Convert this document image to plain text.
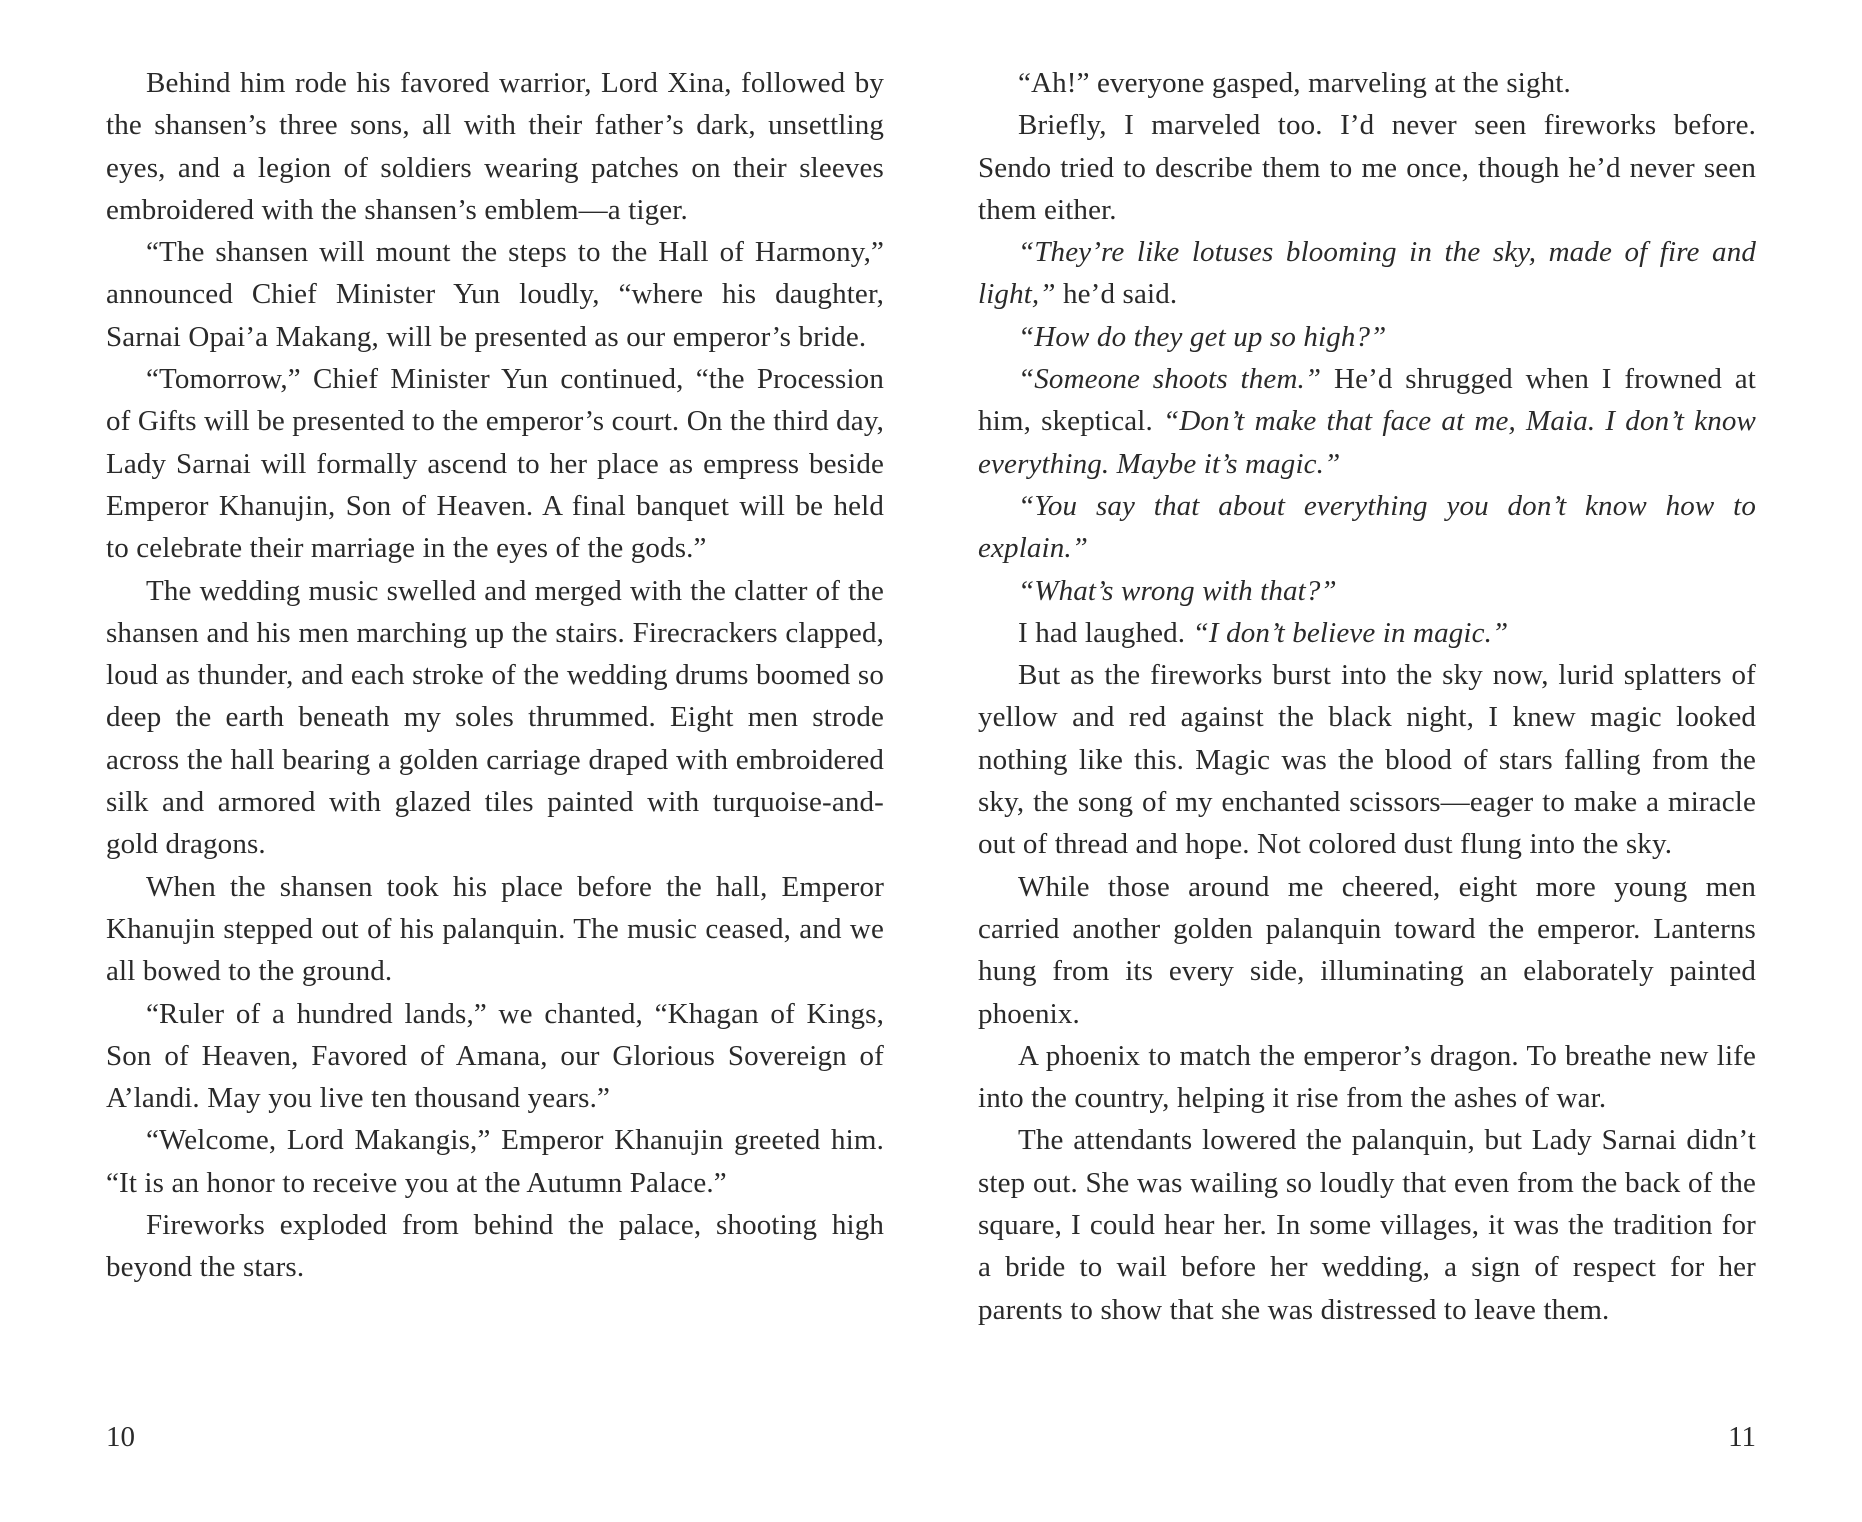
Behind him rode his favored warrior, Lord Xina, followed by the shansen’s three sons, all with their father’s dark, unsettling eyes, and a legion of soldiers wearing patches on their sleeves embroidered with the shansen’s emblem—a tiger.

“The shansen will mount the steps to the Hall of Harmony,” announced Chief Minister Yun loudly, “where his daughter, Sarnai Opai’a Makang, will be presented as our emperor’s bride.

“Tomorrow,” Chief Minister Yun continued, “the Procession of Gifts will be presented to the emperor’s court. On the third day, Lady Sarnai will formally ascend to her place as empress beside Emperor Khanujin, Son of Heaven. A final banquet will be held to celebrate their marriage in the eyes of the gods.”

The wedding music swelled and merged with the clatter of the shansen and his men marching up the stairs. Firecrackers clapped, loud as thunder, and each stroke of the wedding drums boomed so deep the earth beneath my soles thrummed. Eight men strode across the hall bearing a golden carriage draped with embroidered silk and armored with glazed tiles painted with turquoise-and-gold dragons.

When the shansen took his place before the hall, Emperor Khanujin stepped out of his palanquin. The music ceased, and we all bowed to the ground.

“Ruler of a hundred lands,” we chanted, “Khagan of Kings, Son of Heaven, Favored of Amana, our Glorious Sovereign of A’landi. May you live ten thousand years.”

“Welcome, Lord Makangis,” Emperor Khanujin greeted him. “It is an honor to receive you at the Autumn Palace.”

Fireworks exploded from behind the palace, shooting high beyond the stars.

“Ah!” everyone gasped, marveling at the sight.

Briefly, I marveled too. I’d never seen fireworks before. Sendo tried to describe them to me once, though he’d never seen them either.

“They’re like lotuses blooming in the sky, made of fire and light,” he’d said.

“How do they get up so high?”

“Someone shoots them.” He’d shrugged when I frowned at him, skeptical. “Don’t make that face at me, Maia. I don’t know everything. Maybe it’s magic.”

“You say that about everything you don’t know how to explain.”

“What’s wrong with that?”

I had laughed. “I don’t believe in magic.”

But as the fireworks burst into the sky now, lurid splatters of yellow and red against the black night, I knew magic looked nothing like this. Magic was the blood of stars falling from the sky, the song of my enchanted scissors—eager to make a miracle out of thread and hope. Not colored dust flung into the sky.

While those around me cheered, eight more young men carried another golden palanquin toward the emperor. Lanterns hung from its every side, illuminating an elaborately painted phoenix.

A phoenix to match the emperor’s dragon. To breathe new life into the country, helping it rise from the ashes of war.

The attendants lowered the palanquin, but Lady Sarnai didn’t step out. She was wailing so loudly that even from the back of the square, I could hear her. In some villages, it was the tradition for a bride to wail before her wedding, a sign of respect for her parents to show that she was distressed to leave them.

10	11
